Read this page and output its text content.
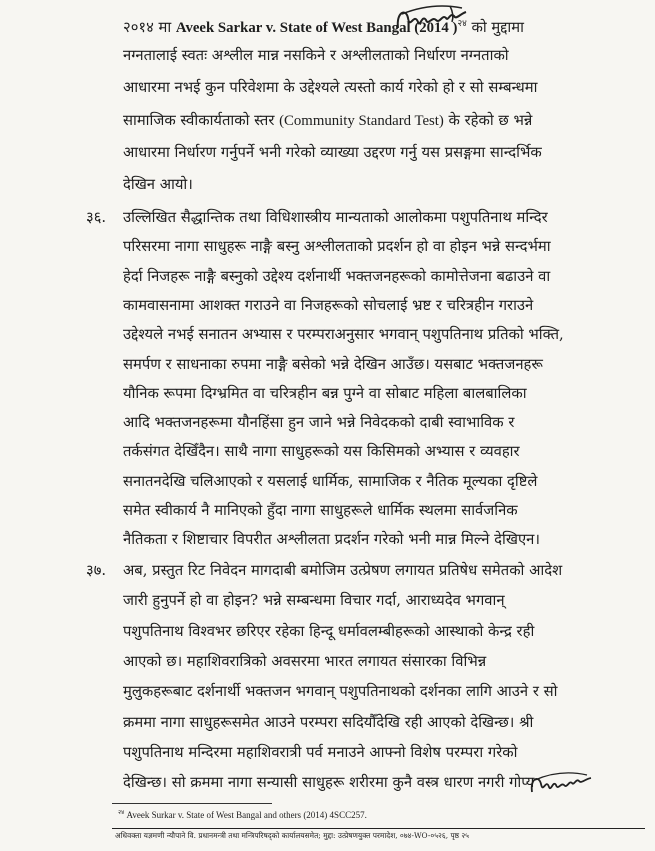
२०१४ मा Aveek Sarkar v. State of West Bangal (2014 )$^{२४}$ को मुद्दामा
नग्नतालाई स्वतः अश्लील मान्न नसकिने र अश्लीलताको निर्धारण नग्नताको
आधारमा नभई कुन परिवेशमा के उद्देश्यले त्यस्तो कार्य गरेको हो र सो सम्बन्धमा
सामाजिक स्वीकार्यताको स्तर (Community Standard Test) के रहेको छ भन्ने
आधारमा निर्धारण गर्नुपर्ने भनी गरेको व्याख्या उद्दरण गर्नु यस प्रसङ्गमा सान्दर्भिक
देखिन आयो।
३६. उल्लिखित सैद्धान्तिक तथा विधिशास्त्रीय मान्यताको आलोकमा पशुपतिनाथ मन्दिर
परिसरमा नागा साधुहरू नाङ्गै बस्नु अश्लीलताको प्रदर्शन हो वा होइन भन्ने सन्दर्भमा
हेर्दा निजहरू नाङ्गै बस्नुको उद्देश्य दर्शनार्थी भक्तजनहरूको कामोत्तेजना बढाउने वा
कामवासनामा आशक्त गराउने वा निजहरूको सोचलाई भ्रष्ट र चरित्रहीन गराउने
उद्देश्यले नभई सनातन अभ्यास र परम्पराअनुसार भगवान् पशुपतिनाथ प्रतिको भक्ति,
समर्पण र साधनाका रुपमा नाङ्गै बसेको भन्ने देखिन आउँछ। यसबाट भक्तजनहरू
यौनिक रूपमा दिग्भ्रमित वा चरित्रहीन बन्न पुग्ने वा सोबाट महिला बालबालिका
आदि भक्तजनहरूमा यौनहिंसा हुन जाने भन्ने निवेदकको दाबी स्वाभाविक र
तर्कसंगत देखिँदैन। साथै नागा साधुहरूको यस किसिमको अभ्यास र व्यवहार
सनातनदेखि चलिआएको र यसलाई धार्मिक, सामाजिक र नैतिक मूल्यका दृष्टिले
समेत स्वीकार्य नै मानिएको हुँदा नागा साधुहरूले धार्मिक स्थलमा सार्वजनिक
नैतिकता र शिष्टाचार विपरीत अश्लीलता प्रदर्शन गरेको भनी मान्न मिल्ने देखिएन।
३७. अब, प्रस्तुत रिट निवेदन मागदाबी बमोजिम उत्प्रेषण लगायत प्रतिषेध समेतको आदेश
जारी हुनुपर्ने हो वा होइन? भन्ने सम्बन्धमा विचार गर्दा, आराध्यदेव भगवान्
पशुपतिनाथ विश्वभर छरिएर रहेका हिन्दू धर्मावलम्बीहरूको आस्थाको केन्द्र रही
आएको छ। महाशिवरात्रिको अवसरमा भारत लगायत संसारका विभिन्न
मुलुकहरूबाट दर्शनार्थी भक्तजन भगवान् पशुपतिनाथको दर्शनका लागि आउने र सो
क्रममा नागा साधुहरूसमेत आउने परम्परा सदियौँदेखि रही आएको देखिन्छ। श्री
पशुपतिनाथ मन्दिरमा महाशिवरात्री पर्व मनाउने आफ्नो विशेष परम्परा गरेको
देखिन्छ। सो क्रममा नागा सन्यासी साधुहरू शरीरमा कुनै वस्त्र धारण नगरी गोप्य
$^{२४}$ Aveek Surkar v. State of West Bangal and others (2014) 4SCC257.
अधिवक्ता यज्ञमणी न्यौपाने वि. प्रधानमन्त्री तथा मन्त्रिपरिषद्‌को कार्यालयसमेत; मुद्दा: उत्प्रेषणयुक्त परमादेश, ०७४-WO-०५२६, पृष्ठ २५
